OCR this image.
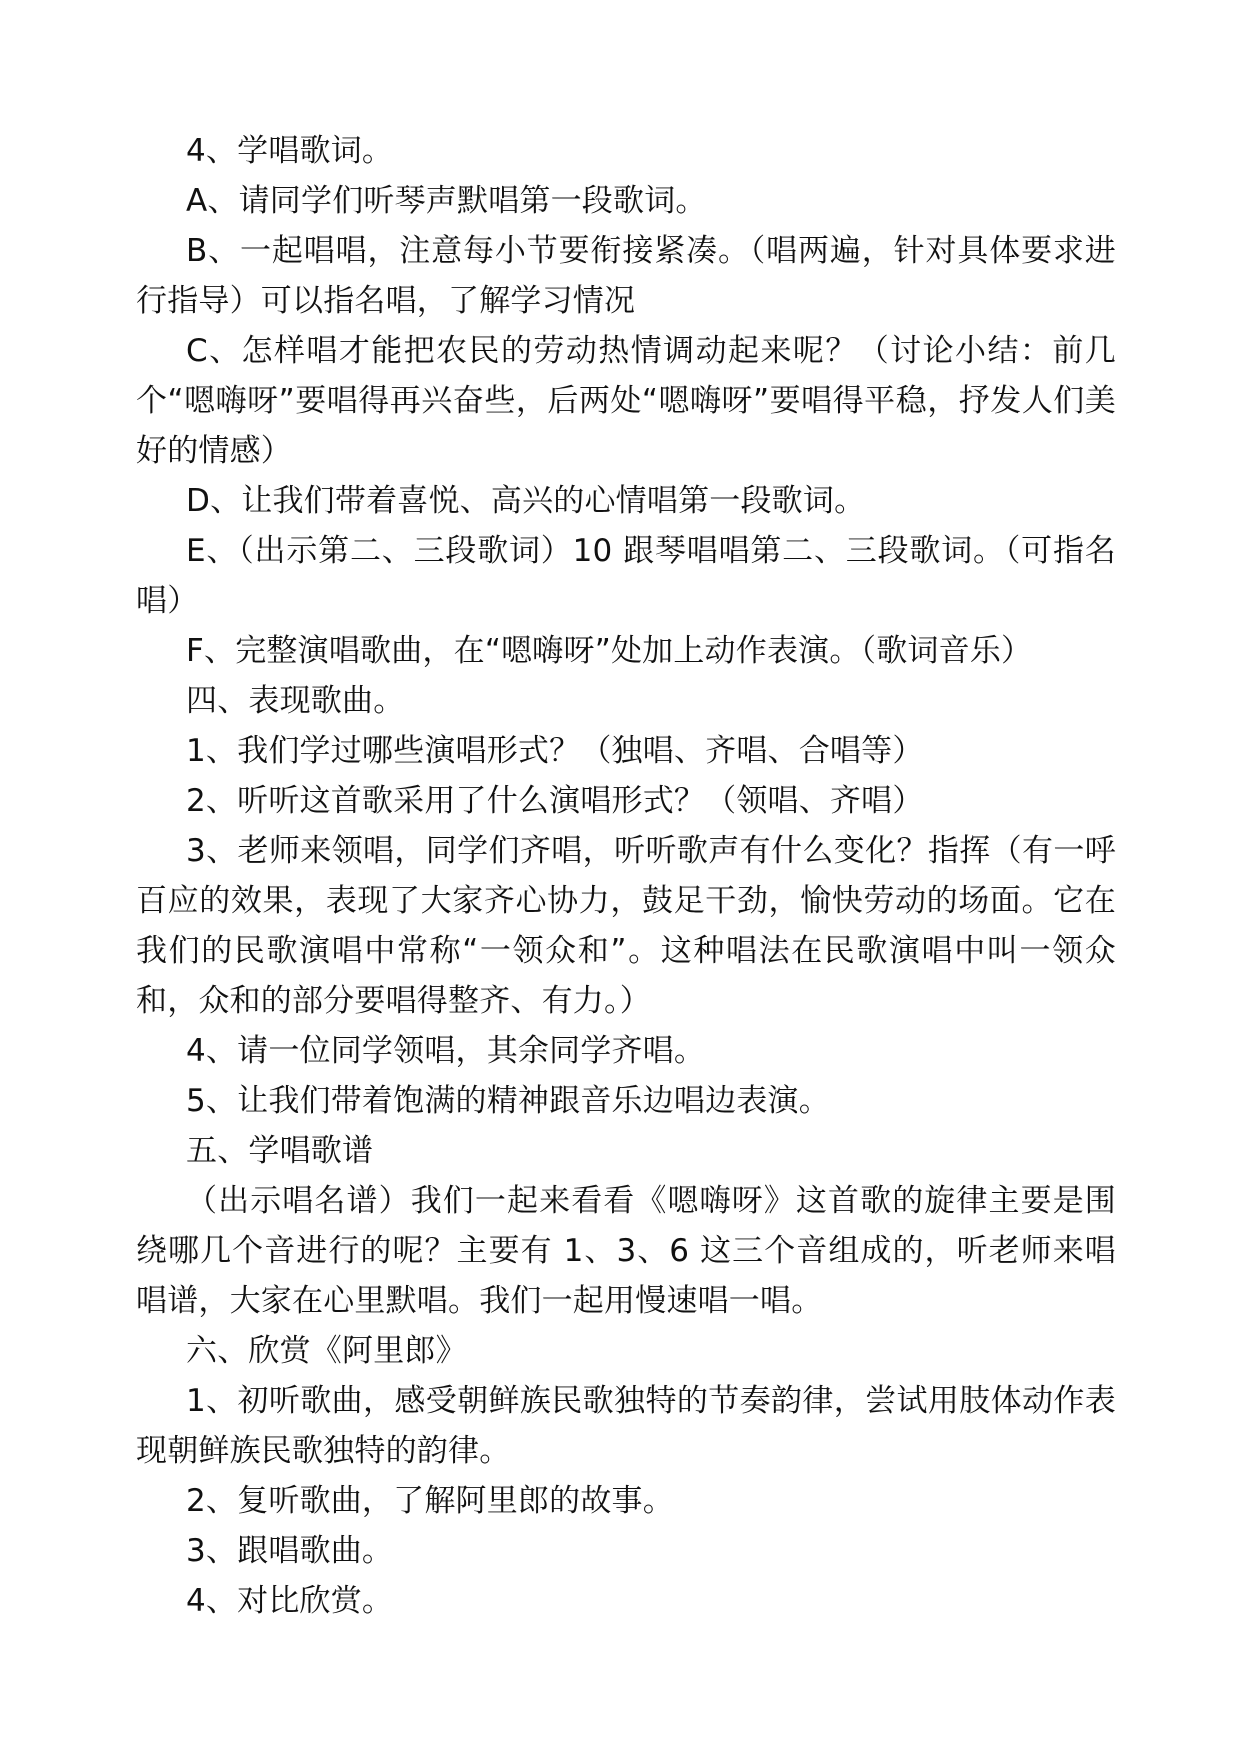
4、学唱歌词。

A、请同学们听琴声默唱第一段歌词。

B、一起唱唱，注意每小节要衔接紧凑。（唱两遍，针对具体要求进行指导）可以指名唱，了解学习情况

C、怎样唱才能把农民的劳动热情调动起来呢？（讨论小结：前几个“嗯嗨呀”要唱得再兴奋些，后两处“嗯嗨呀”要唱得平稳，抒发人们美好的情感）

D、让我们带着喜悦、高兴的心情唱第一段歌词。

E、（出示第二、三段歌词）10 跟琴唱唱第二、三段歌词。（可指名唱）

F、完整演唱歌曲，在“嗯嗨呀”处加上动作表演。（歌词音乐）

四、表现歌曲。

1、我们学过哪些演唱形式？（独唱、齐唱、合唱等）

2、听听这首歌采用了什么演唱形式？（领唱、齐唱）

3、老师来领唱，同学们齐唱，听听歌声有什么变化？指挥（有一呼百应的效果，表现了大家齐心协力，鼓足干劲，愉快劳动的场面。它在我们的民歌演唱中常称“一领众和”。这种唱法在民歌演唱中叫一领众和，众和的部分要唱得整齐、有力。）

4、请一位同学领唱，其余同学齐唱。

5、让我们带着饱满的精神跟音乐边唱边表演。

五、学唱歌谱

（出示唱名谱）我们一起来看看《嗯嗨呀》这首歌的旋律主要是围绕哪几个音进行的呢？主要有 1、3、6 这三个音组成的，听老师来唱唱谱，大家在心里默唱。我们一起用慢速唱一唱。

六、欣赏《阿里郎》

1、初听歌曲，感受朝鲜族民歌独特的节奏韵律，尝试用肢体动作表现朝鲜族民歌独特的韵律。

2、复听歌曲，了解阿里郎的故事。

3、跟唱歌曲。

4、对比欣赏。
